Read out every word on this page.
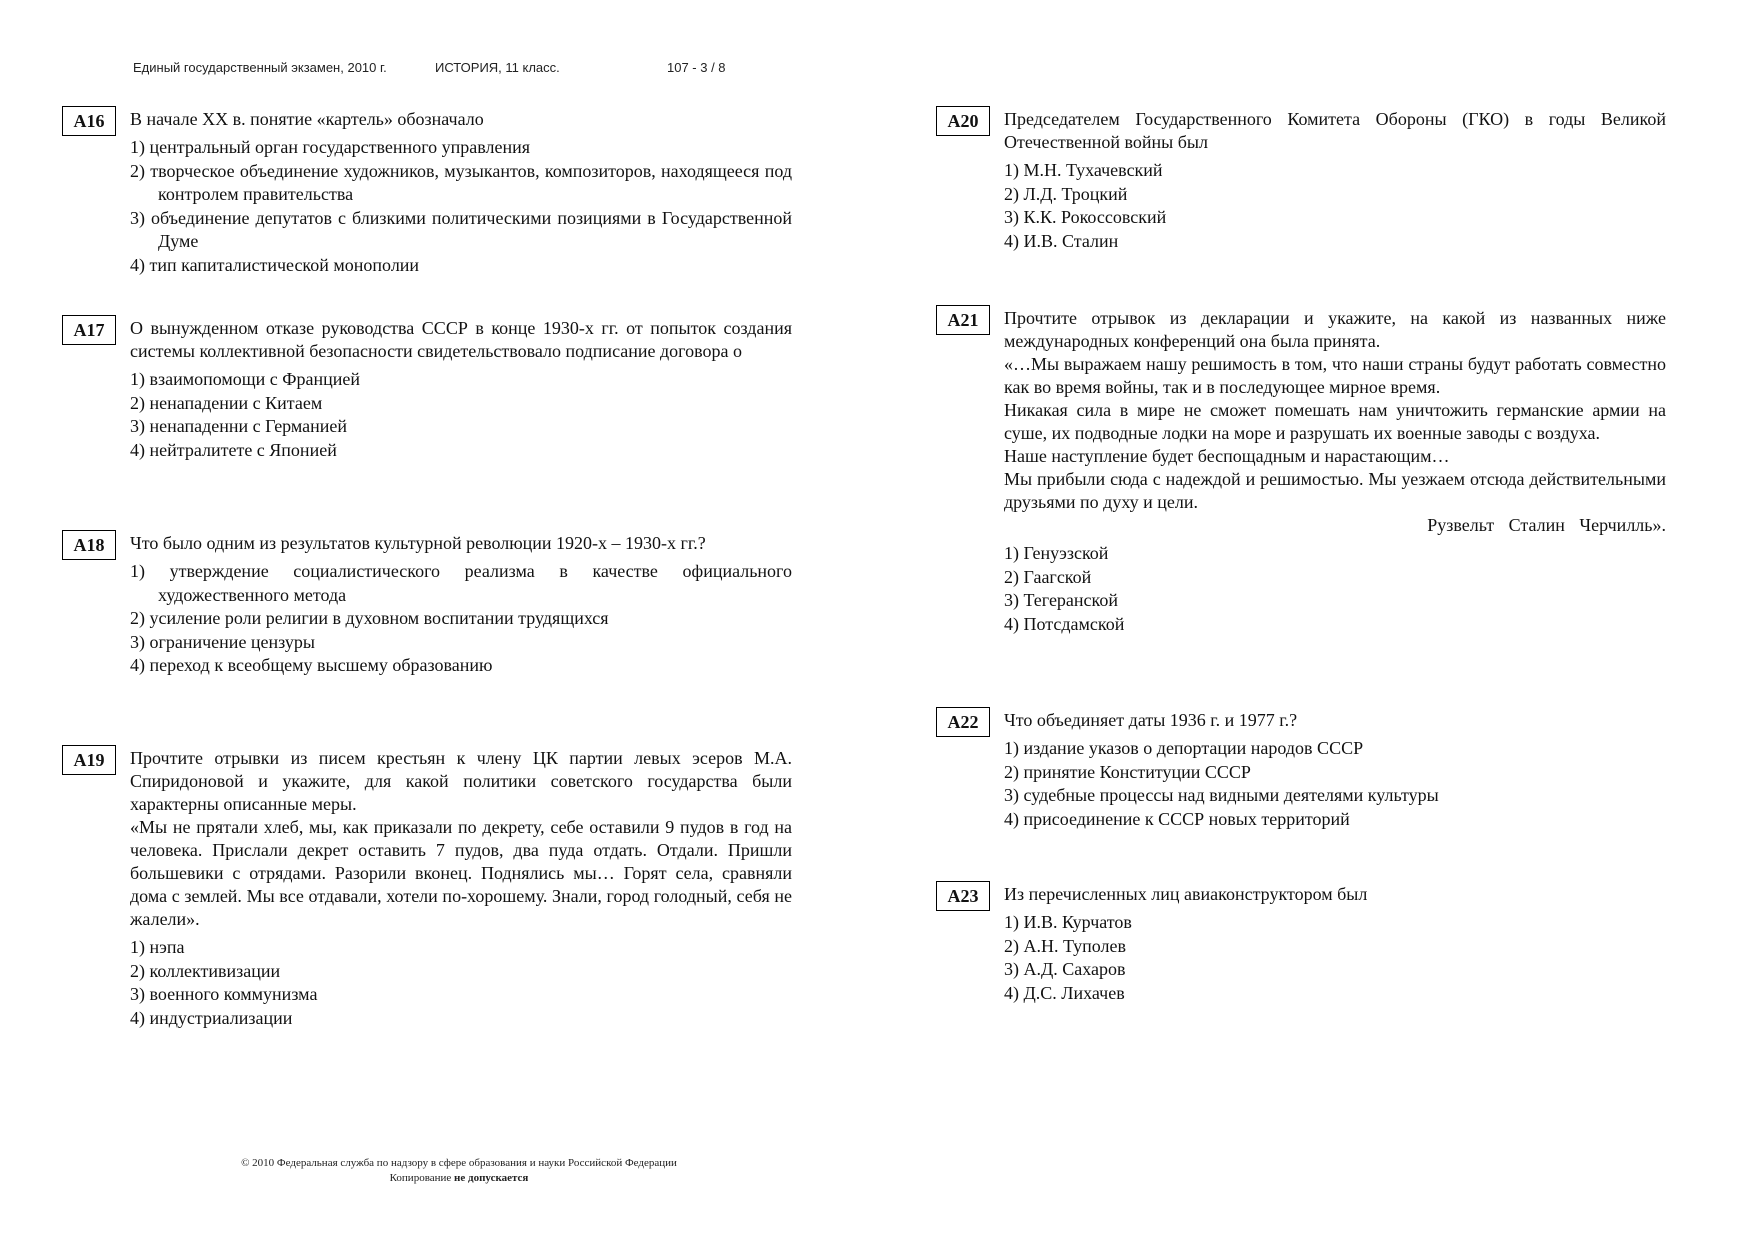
Единый государственный экзамен, 2010 г.	ИСТОРИЯ, 11 класс.	107 - 3 / 8
A16	В начале XX в. понятие «картель» обозначало

1) центральный орган государственного управления
2) творческое объединение художников, музыкантов, композиторов, находящееся под контролем правительства
3) объединение депутатов с близкими политическими позициями в Государственной Думе
4) тип капиталистической монополии
A17	О вынужденном отказе руководства СССР в конце 1930-х гг. от попыток создания системы коллективной безопасности свидетельствовало подписание договора о

1) взаимопомощи с Францией
2) ненападении с Китаем
3) ненападенни с Германией
4) нейтралитете с Японией
A18	Что было одним из результатов культурной революции 1920-х – 1930-х гг.?

1) утверждение социалистического реализма в качестве официального художественного метода
2) усиление роли религии в духовном воспитании трудящихся
3) ограничение цензуры
4) переход к всеобщему высшему образованию
A19	Прочтите отрывки из писем крестьян к члену ЦК партии левых эсеров М.А. Спиридоновой и укажите, для какой политики советского государства были характерны описанные меры.

«Мы не прятали хлеб, мы, как приказали по декрету, себе оставили 9 пудов в год на человека. Прислали декрет оставить 7 пудов, два пуда отдать. Отдали. Пришли большевики с отрядами. Разорили вконец. Поднялись мы… Горят села, сравняли дома с землей. Мы все отдавали, хотели по-хорошему. Знали, город голодный, себя не жалели».

1) нэпа
2) коллективизации
3) военного коммунизма
4) индустриализации
A20	Председателем Государственного Комитета Обороны (ГКО) в годы Великой Отечественной войны был

1) М.Н. Тухачевский
2) Л.Д. Троцкий
3) К.К. Рокоссовский
4) И.В. Сталин
A21	Прочтите отрывок из декларации и укажите, на какой из названных ниже международных конференций она была принята.

«…Мы выражаем нашу решимость в том, что наши страны будут работать совместно как во время войны, так и в последующее мирное время.

Никакая сила в мире не сможет помешать нам уничтожить германские армии на суше, их подводные лодки на море и разрушать их военные заводы с воздуха.

Наше наступление будет беспощадным и нарастающим…

Мы прибыли сюда с надеждой и решимостью. Мы уезжаем отсюда действительными друзьями по духу и цели.

Рузвельт Сталин Черчилль».

1) Генуэзской
2) Гаагской
3) Тегеранской
4) Потсдамской
A22	Что объединяет даты 1936 г. и 1977 г.?

1) издание указов о депортации народов СССР
2) принятие Конституции СССР
3) судебные процессы над видными деятелями культуры
4) присоединение к СССР новых территорий
A23	Из перечисленных лиц авиаконструктором был

1) И.В. Курчатов
2) А.Н. Туполев
3) А.Д. Сахаров
4) Д.С. Лихачев
© 2010 Федеральная служба по надзору в сфере образования и науки Российской Федерации
Копирование не допускается
